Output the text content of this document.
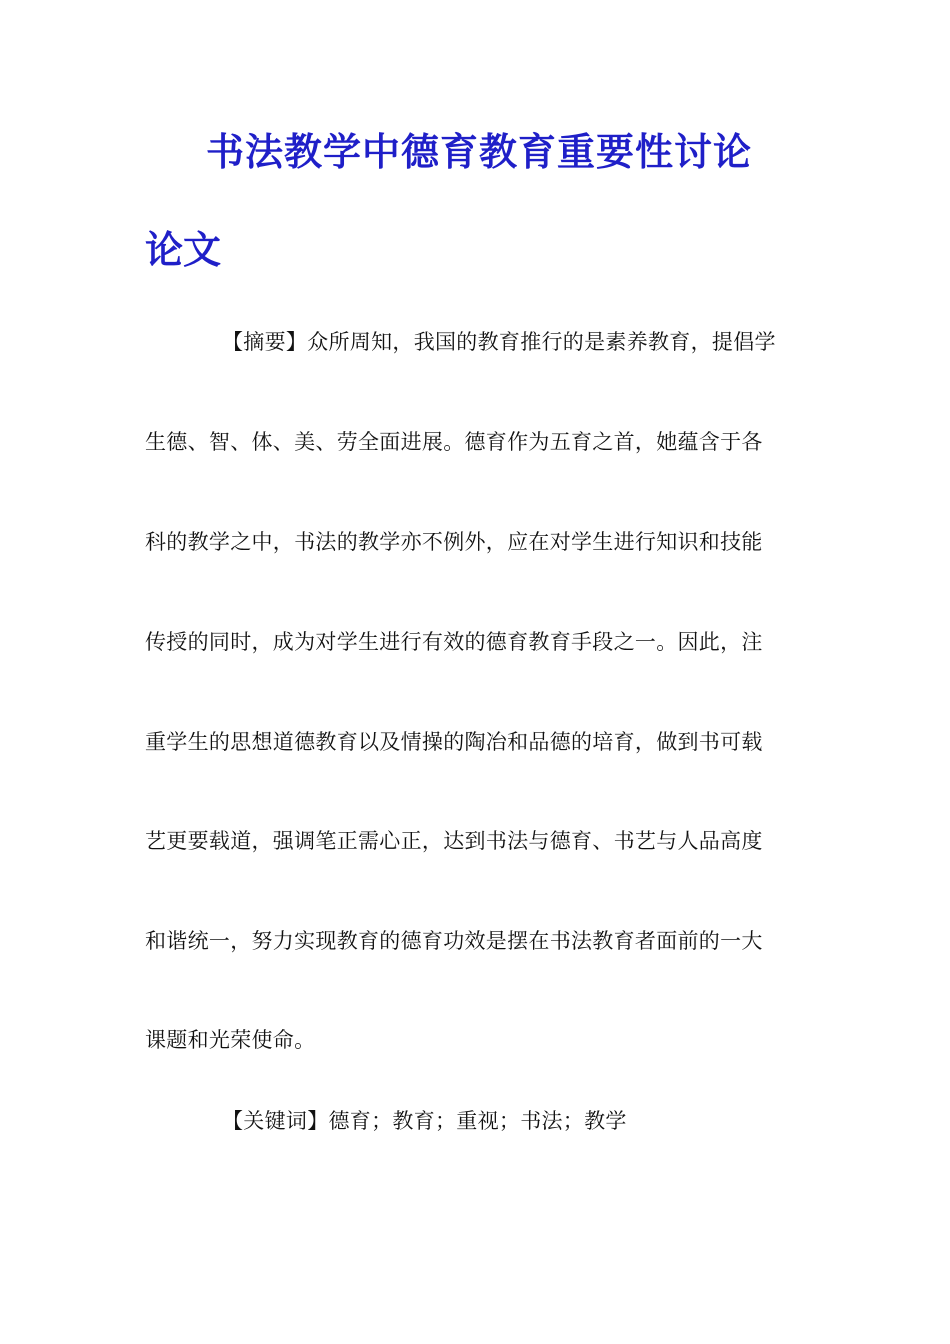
书法教学中德育教育重要性讨论
论文
【摘要】众所周知，我国的教育推行的是素养教育，提倡学
生德、智、体、美、劳全面进展。德育作为五育之首，她蕴含于各
科的教学之中，书法的教学亦不例外，应在对学生进行知识和技能
传授的同时，成为对学生进行有效的德育教育手段之一。因此，注
重学生的思想道德教育以及情操的陶冶和品德的培育，做到书可载
艺更要载道，强调笔正需心正，达到书法与德育、书艺与人品高度
和谐统一，努力实现教育的德育功效是摆在书法教育者面前的一大
课题和光荣使命。
【关键词】德育；教育；重视；书法；教学
